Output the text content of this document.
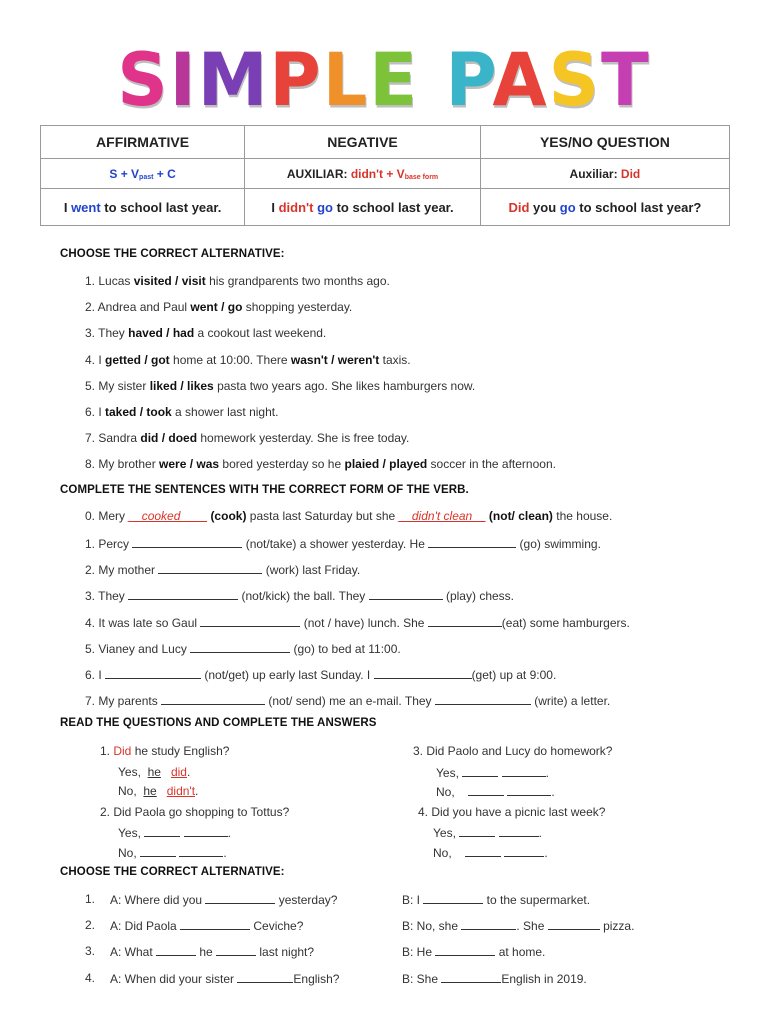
SIMPLE PAST
AFFIRMATIVE	NEGATIVE	YES/NO QUESTION
$S + V_{past} + C$	AUXILIAR: didn't + $V_{base form}$	Auxiliar: Did
I went to school last year.	I didn't go to school last year.	Did you go to school last year?
CHOOSE THE CORRECT ALTERNATIVE:
1. Lucas visited / visit his grandparents two months ago.
2. Andrea and Paul went / go shopping yesterday.
3. They haved / had a cookout last weekend.
4. I getted / got home at 10:00. There wasn't / weren't taxis.
5. My sister liked / likes pasta two years ago. She likes hamburgers now.
6. I taked / took a shower last night.
7. Sandra did / doed homework yesterday. She is free today.
8. My brother were / was bored yesterday so he plaied / played soccer in the afternoon.
COMPLETE THE SENTENCES WITH THE CORRECT FORM OF THE VERB.
0. Mery __cooked____ (cook) pasta last Saturday but she __didn't clean__ (not/ clean) the house.
1. Percy	(not/take) a shower yesterday. He	(go) swimming.
2. My mother	(work) last Friday.
3. They	(not/kick) the ball. They	(play) chess.
4. It was late so Gaul	(not / have) lunch. She	(eat) some hamburgers.
5. Vianey and Lucy	(go) to bed at 11:00.
6. I	(not/get) up early last Sunday. I	(get) up at 9:00.
7. My parents	(not/ send) me an e-mail. They	(write) a letter.
READ THE QUESTIONS AND COMPLETE THE ANSWERS
1. Did he study English?
Yes,  he did.
No,  he didn't.
2. Did Paola go shopping to Tottus?
Yes,	.
No,	.
3. Did Paolo and Lucy do homework?
Yes,	.
No,	.
4. Did you have a picnic last week?
Yes,	.
No,	.
CHOOSE THE CORRECT ALTERNATIVE:
1. A: Where did you	yesterday?	B: I	to the supermarket.
2. A: Did Paola	Ceviche?	B: No, she	. She	pizza.
3. A: What	he	last night?	B: He	at home.
4. A: When did your sister	English?	B: She	English in 2019.
